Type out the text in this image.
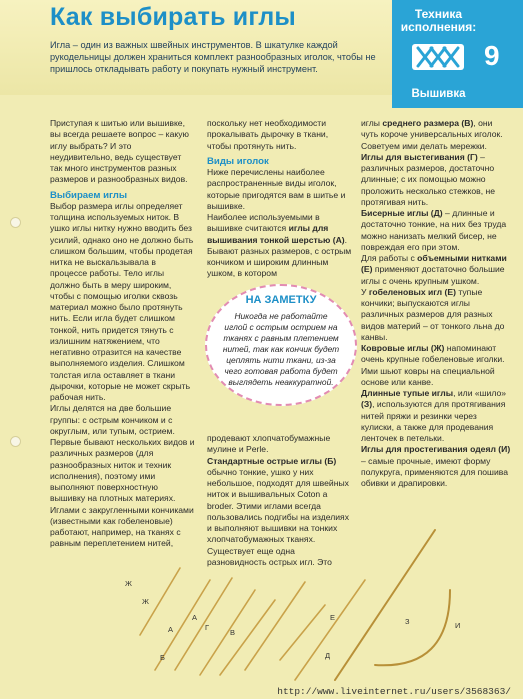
Как выбирать иглы
Игла – один из важных швейных инструментов. В шкатулке каждой рукодельницы должен храниться комплект разнообразных иголок, чтобы не пришлось откладывать работу и покупать нужный инструмент.
Техника
исполнения:
9
Вышивка

Приступая к шитью или вышивке, вы всегда решаете вопрос – какую иглу выбрать? И это неудивительно, ведь существует так много инструментов разных размеров и разнообразных видов.

Выбираем иглы

Выбор размера иглы определяет толщина используемых ниток. В ушко иглы нитку нужно вводить без усилий, однако оно не должно быть слишком большим, чтобы продетая нитка не выскальзывала в процессе работы. Тело иглы должно быть в меру широким, чтобы с помощью иголки сквозь материал можно было протянуть нить. Если игла будет слишком тонкой, нить придется тянуть с излишним натяжением, что негативно отразится на качестве выполняемого изделия. Слишком толстая игла оставляет в ткани дырочки, которые не может скрыть рабочая нить.

Иглы делятся на две большие группы: с острым кончиком и с округлым, или тупым, острием. Первые бывают нескольких видов и различных размеров (для разнообразных ниток и техник исполнения), поэтому ими выполняют поверхностную вышивку на плотных материях. Иглами с закругленными кончиками (известными как гобеленовые) работают, например, на тканях с равным переплетением нитей,

поскольку нет необходимости прокалывать дырочку в ткани, чтобы протянуть нить.

Виды иголок

Ниже перечислены наиболее распространенные виды иголок, которые пригодятся вам в шитье и вышивке.

Наиболее используемыми в вышивке считаются иглы для вышивания тонкой шерстью (А). Бывают разных размеров, с острым кончиком и широким длинным ушком, в котором

НА ЗАМЕТКУ
Никогда не работайте иглой с острым острием на тканях с равным плетением нитей, так как кончик будет цеплять нити ткани, из-за чего готовая работа будет выглядеть неаккуратной.

продевают хлопчатобумажные мулине и Perle.

Стандартные острые иглы (Б) обычно тонкие, ушко у них небольшое, подходят для швейных ниток и вышивальных Coton a broder. Этими иглами всегда пользовались подгибы на изделиях и выполняют вышивки на тонких хлопчатобумажных тканях.

Существует еще одна разновидность острых игл. Это

иглы среднего размера (В), они чуть короче универсальных иголок. Советуем ими делать мережки.

Иглы для выстегивания (Г) – различных размеров, достаточно длинные; с их помощью можно проложить несколько стежков, не протягивая нить.

Бисерные иглы (Д) – длинные и достаточно тонкие, на них без труда можно нанизать мелкий бисер, не повреждая его при этом.

Для работы с объемными нитками (Е) применяют достаточно большие иглы с очень крупным ушком.

У гобеленовых игл (Е) тупые кончики; выпускаются иглы различных размеров для разных видов материй – от тонкого льна до канвы.

Ковровые иглы (Ж) напоминают очень крупные гобеленовые иголки. Ими шьют ковры на специальной основе или канве.

Длинные тупые иглы, или «шило» (З), используются для протягивания нитей пряжи и резинки через кулиски, а также для продевания ленточек в петельки.

Иглы для простегивания одеял (И) – самые прочные, имеют форму полукруга, применяются для пошива обивки и драпировки.

Ж
Ж
А
А
Б
В
Г
Д
Е	З	И
http://www.liveinternet.ru/users/3568363/
